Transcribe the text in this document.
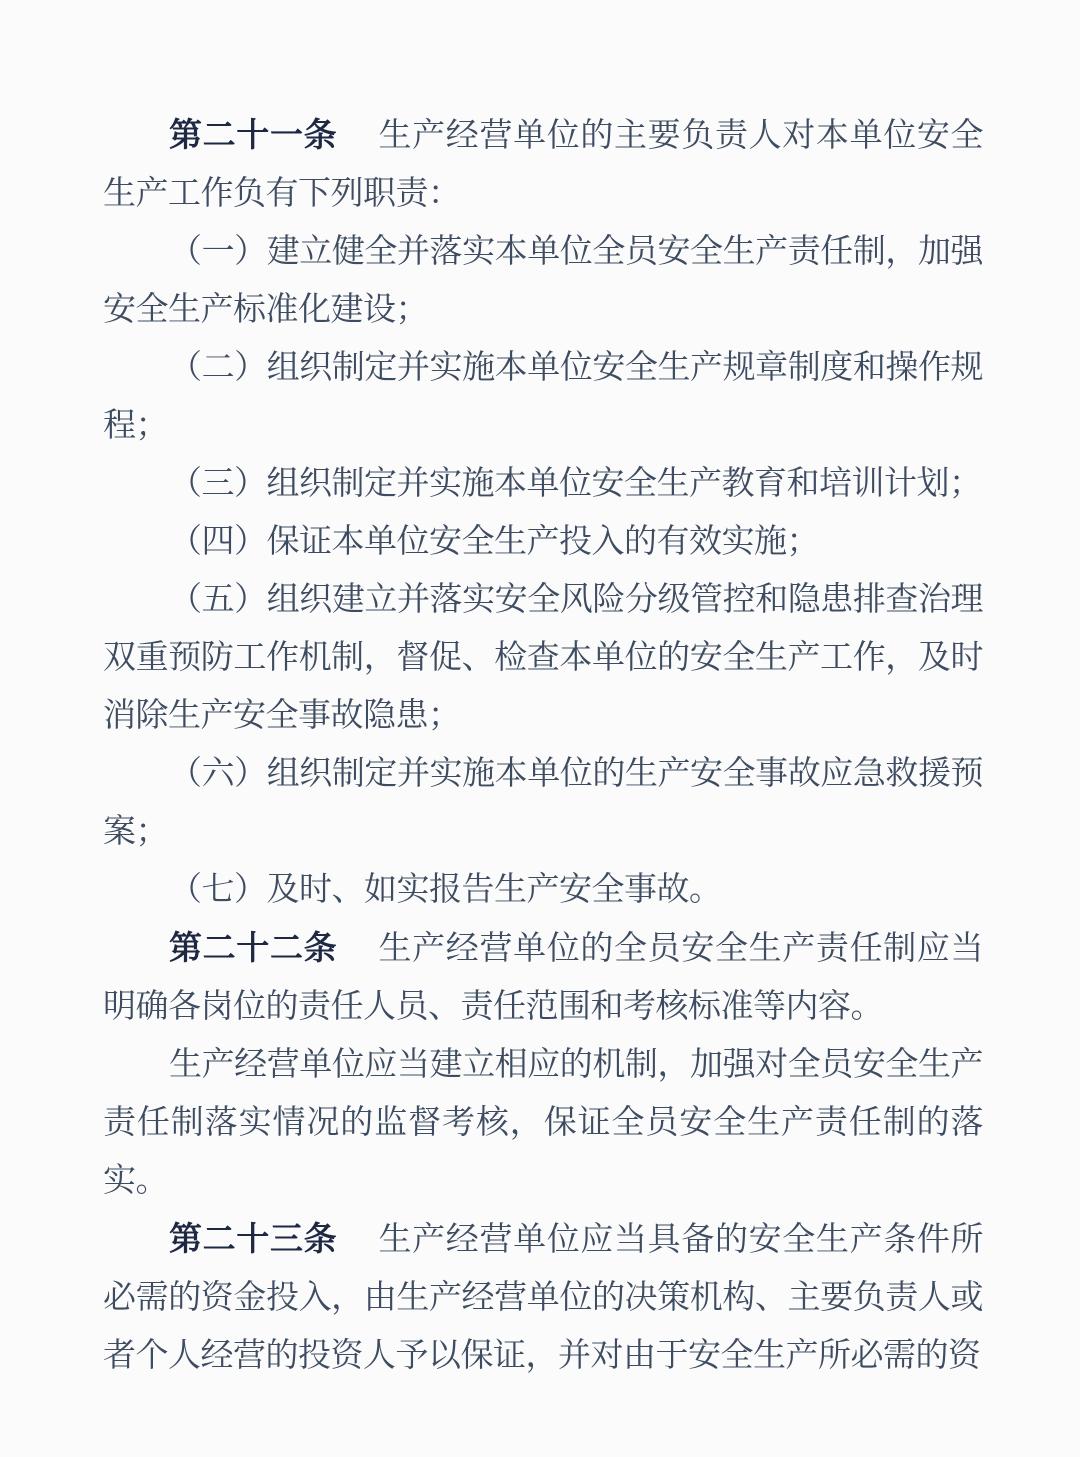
第二十一条 生产经营单位的主要负责人对本单位安全生产工作负有下列职责：

（一）建立健全并落实本单位全员安全生产责任制，加强安全生产标准化建设；

（二）组织制定并实施本单位安全生产规章制度和操作规程；

（三）组织制定并实施本单位安全生产教育和培训计划；

（四）保证本单位安全生产投入的有效实施；

（五）组织建立并落实安全风险分级管控和隐患排查治理双重预防工作机制，督促、检查本单位的安全生产工作，及时消除生产安全事故隐患；

（六）组织制定并实施本单位的生产安全事故应急救援预案；

（七）及时、如实报告生产安全事故。

第二十二条 生产经营单位的全员安全生产责任制应当明确各岗位的责任人员、责任范围和考核标准等内容。

生产经营单位应当建立相应的机制，加强对全员安全生产责任制落实情况的监督考核，保证全员安全生产责任制的落实。

第二十三条 生产经营单位应当具备的安全生产条件所必需的资金投入，由生产经营单位的决策机构、主要负责人或者个人经营的投资人予以保证，并对由于安全生产所必需的资
